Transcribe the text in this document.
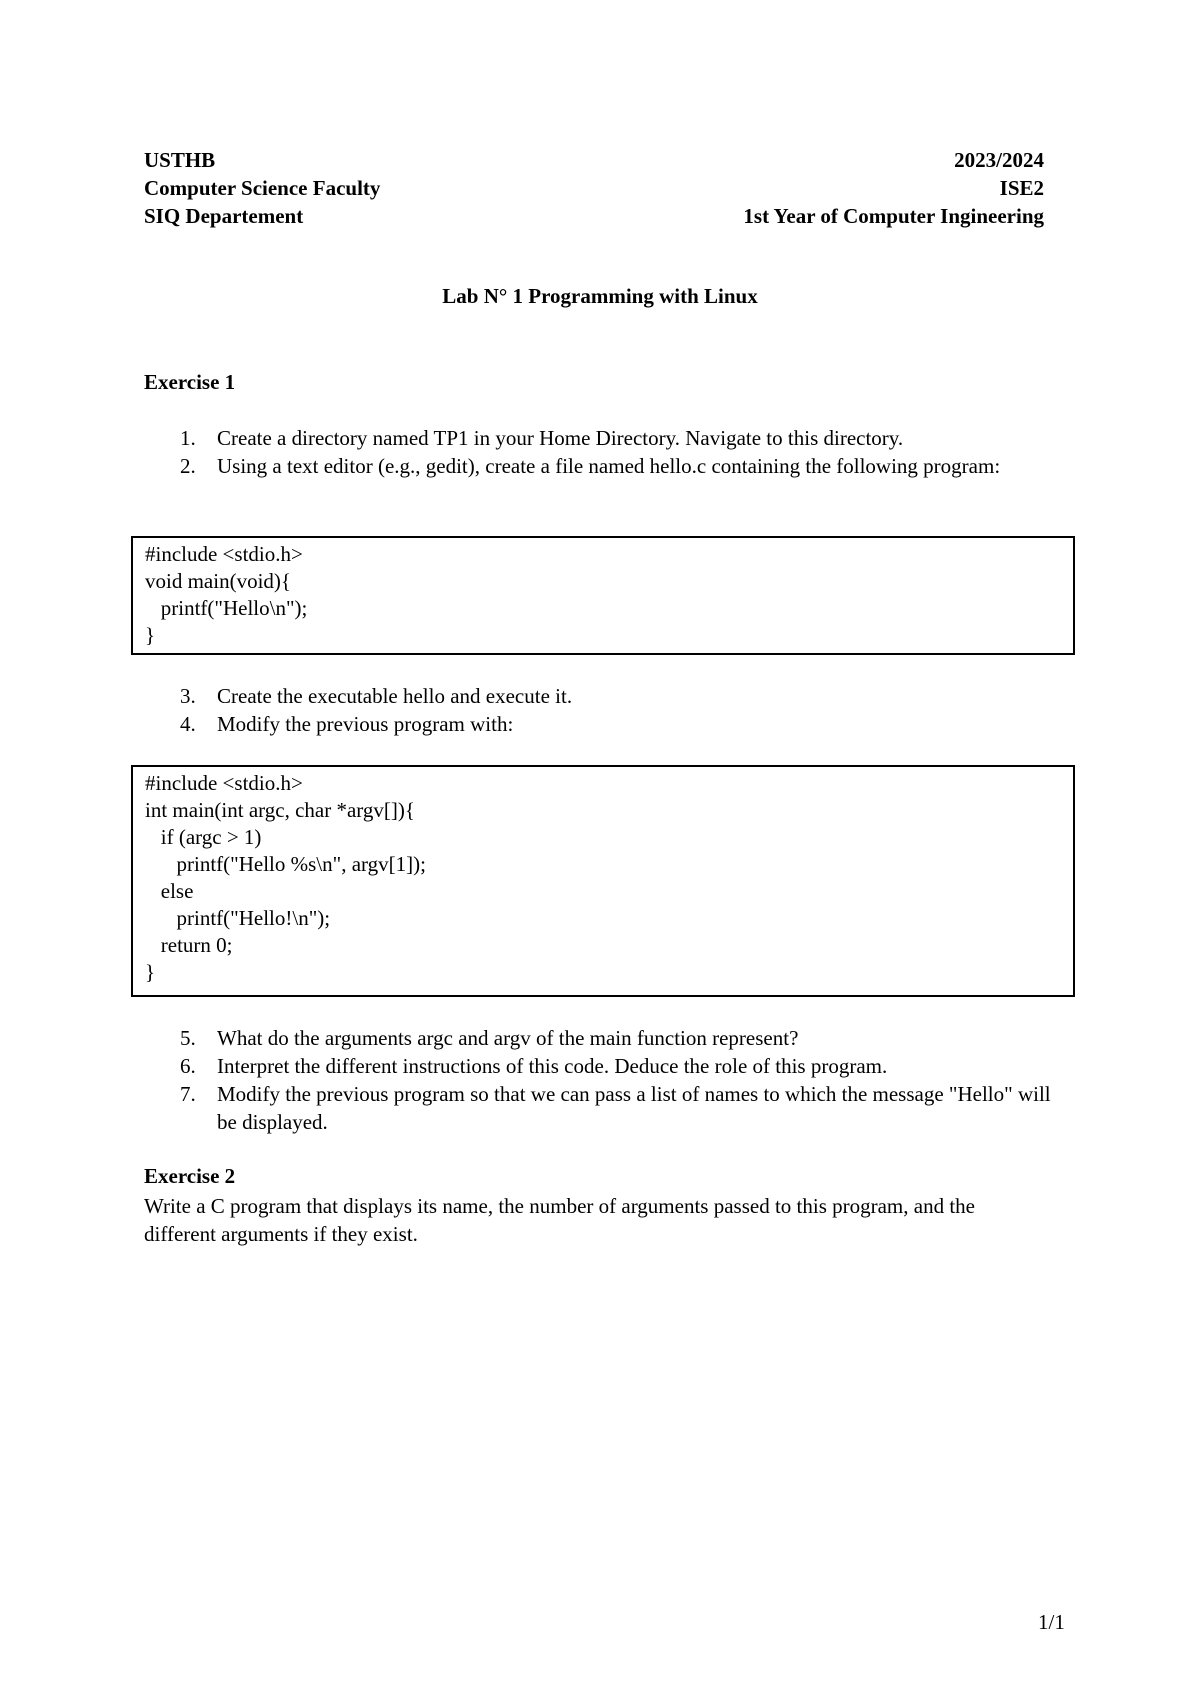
USTHB	2023/2024
Computer Science Faculty	ISE2
SIQ Departement	1st Year of Computer Ingineering
Lab N° 1 Programming with Linux
Exercise 1
1.	Create a directory named TP1 in your Home Directory. Navigate to this directory.
2.	Using a text editor (e.g., gedit), create a file named hello.c containing the following program:
#include <stdio.h>
void main(void){
printf("Hello\n");
}
3.	Create the executable hello and execute it.
4.	Modify the previous program with:
#include <stdio.h>
int main(int argc, char *argv[]){
if (argc > 1)
printf("Hello %s\n", argv[1]);
else
printf("Hello!\n");
return 0;
}
5.	What do the arguments argc and argv of the main function represent?
6.	Interpret the different instructions of this code. Deduce the role of this program.
7.	Modify the previous program so that we can pass a list of names to which the message "Hello" will be displayed.
Exercise 2
Write a C program that displays its name, the number of arguments passed to this program, and the different arguments if they exist.
1/1
